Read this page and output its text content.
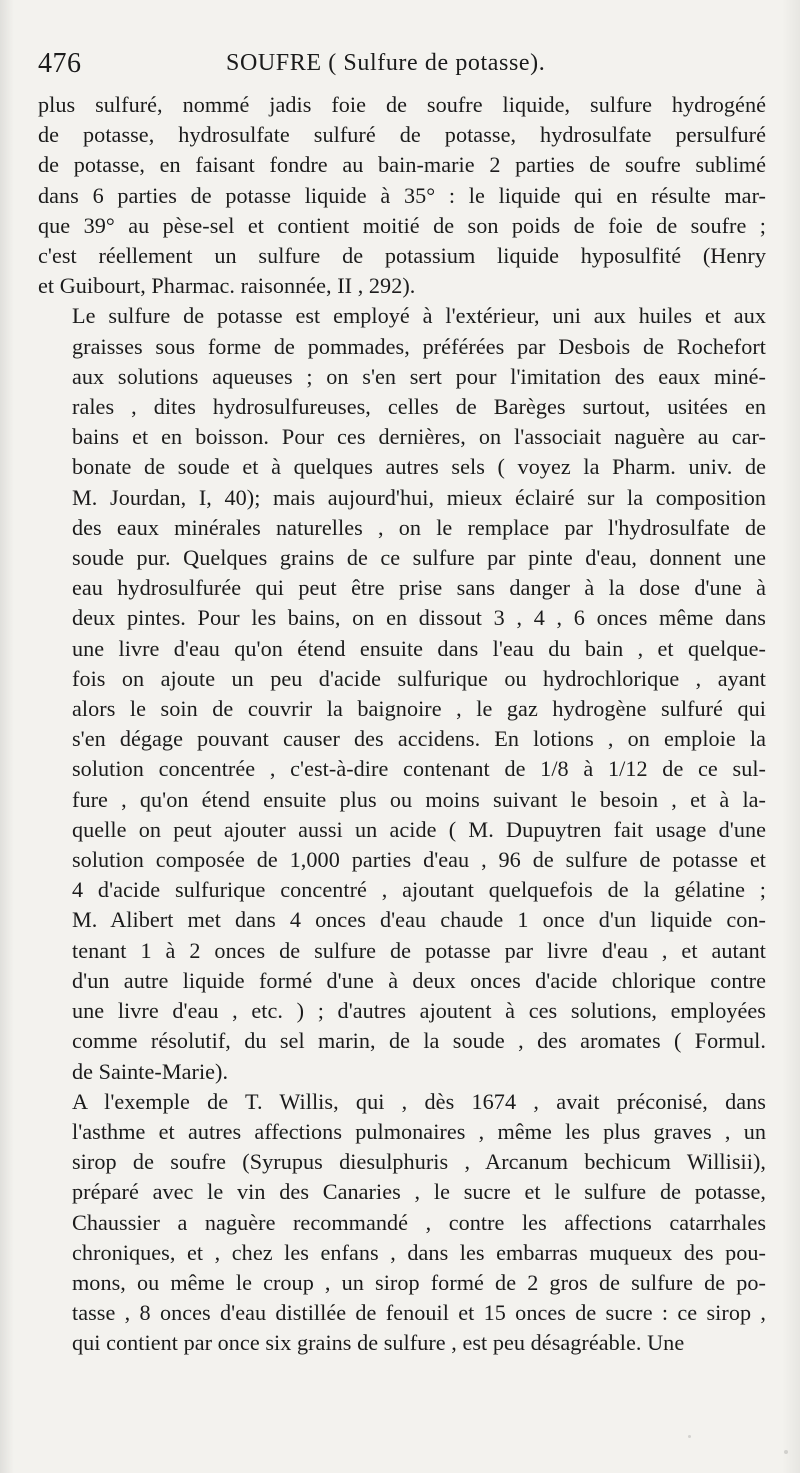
476	SOUFRE ( Sulfure de potasse).

plus sulfuré, nommé jadis foie de soufre liquide, sulfure hydrogéné
de potasse, hydrosulfate sulfuré de potasse, hydrosulfate persulfuré
de potasse, en faisant fondre au bain-marie 2 parties de soufre sublimé
dans 6 parties de potasse liquide à 35° : le liquide qui en résulte mar-
que 39° au pèse-sel et contient moitié de son poids de foie de soufre ;
c'est réellement un sulfure de potassium liquide hyposulfité (Henry
et Guibourt, Pharmac. raisonnée, II , 292).

Le sulfure de potasse est employé à l'extérieur, uni aux huiles et aux
graisses sous forme de pommades, préférées par Desbois de Rochefort
aux solutions aqueuses ; on s'en sert pour l'imitation des eaux miné-
rales , dites hydrosulfureuses, celles de Barèges surtout, usitées en
bains et en boisson. Pour ces dernières, on l'associait naguère au car-
bonate de soude et à quelques autres sels ( voyez la Pharm. univ. de
M. Jourdan, I, 40); mais aujourd'hui, mieux éclairé sur la composition
des eaux minérales naturelles , on le remplace par l'hydrosulfate de
soude pur. Quelques grains de ce sulfure par pinte d'eau, donnent une
eau hydrosulfurée qui peut être prise sans danger à la dose d'une à
deux pintes. Pour les bains, on en dissout 3 , 4 , 6 onces même dans
une livre d'eau qu'on étend ensuite dans l'eau du bain , et quelque-
fois on ajoute un peu d'acide sulfurique ou hydrochlorique , ayant
alors le soin de couvrir la baignoire , le gaz hydrogène sulfuré qui
s'en dégage pouvant causer des accidens. En lotions , on emploie la
solution concentrée , c'est-à-dire contenant de 1/8 à 1/12 de ce sul-
fure , qu'on étend ensuite plus ou moins suivant le besoin , et à la-
quelle on peut ajouter aussi un acide ( M. Dupuytren fait usage d'une
solution composée de 1,000 parties d'eau , 96 de sulfure de potasse et
4 d'acide sulfurique concentré , ajoutant quelquefois de la gélatine ;
M. Alibert met dans 4 onces d'eau chaude 1 once d'un liquide con-
tenant 1 à 2 onces de sulfure de potasse par livre d'eau , et autant
d'un autre liquide formé d'une à deux onces d'acide chlorique contre
une livre d'eau , etc. ) ; d'autres ajoutent à ces solutions, employées
comme résolutif, du sel marin, de la soude , des aromates ( Formul.
de Sainte-Marie).

A l'exemple de T. Willis, qui , dès 1674 , avait préconisé, dans
l'asthme et autres affections pulmonaires , même les plus graves , un
sirop de soufre (Syrupus diesulphuris , Arcanum bechicum Willisii),
préparé avec le vin des Canaries , le sucre et le sulfure de potasse,
Chaussier a naguère recommandé , contre les affections catarrhales
chroniques, et , chez les enfans , dans les embarras muqueux des pou-
mons, ou même le croup , un sirop formé de 2 gros de sulfure de po-
tasse , 8 onces d'eau distillée de fenouil et 15 onces de sucre : ce sirop ,
qui contient par once six grains de sulfure , est peu désagréable. Une
